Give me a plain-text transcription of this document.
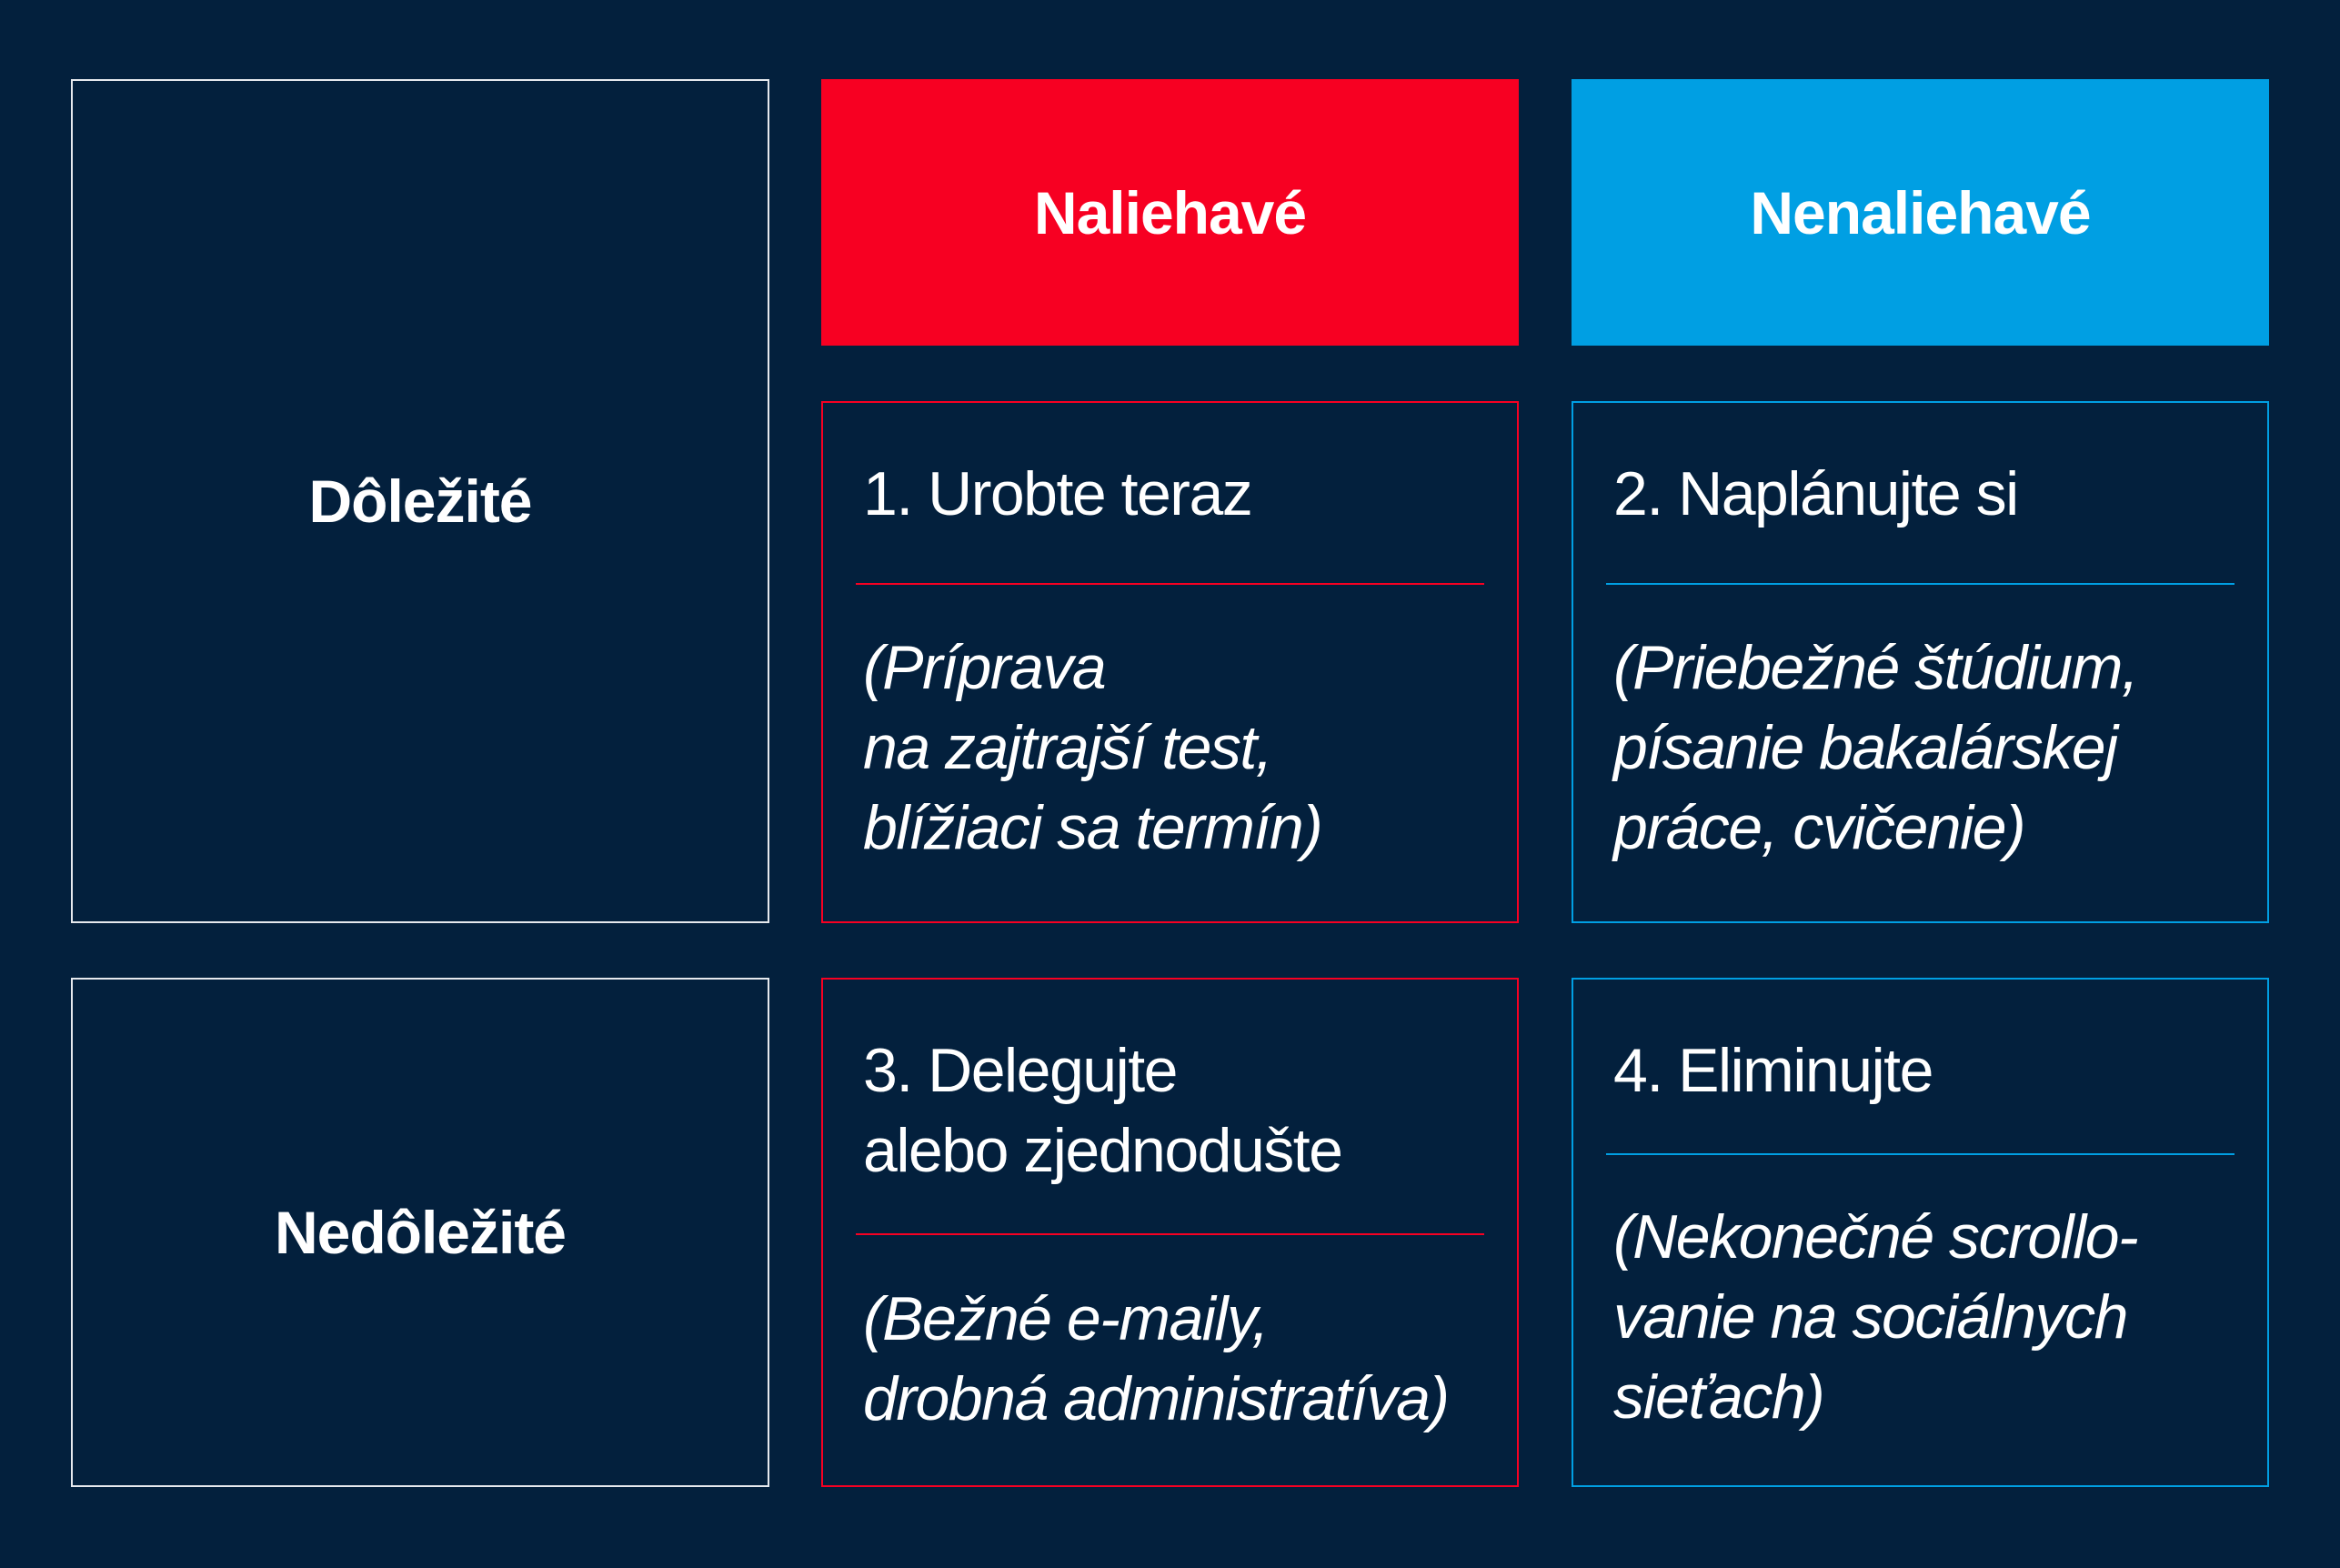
Dôležité
Nedôležité
Naliehavé	Nenaliehavé
1. Urobte teraz
(Príprava
na zajtrajší test,
blížiaci sa termín)
2. Naplánujte si
(Priebežné štúdium,
písanie bakalárskej
práce, cvičenie)
3. Delegujte
alebo zjednodušte
(Bežné e-maily,
drobná administratíva)
4. Eliminujte
(Nekonečné scrollo-
vanie na sociálnych
sieťach)
